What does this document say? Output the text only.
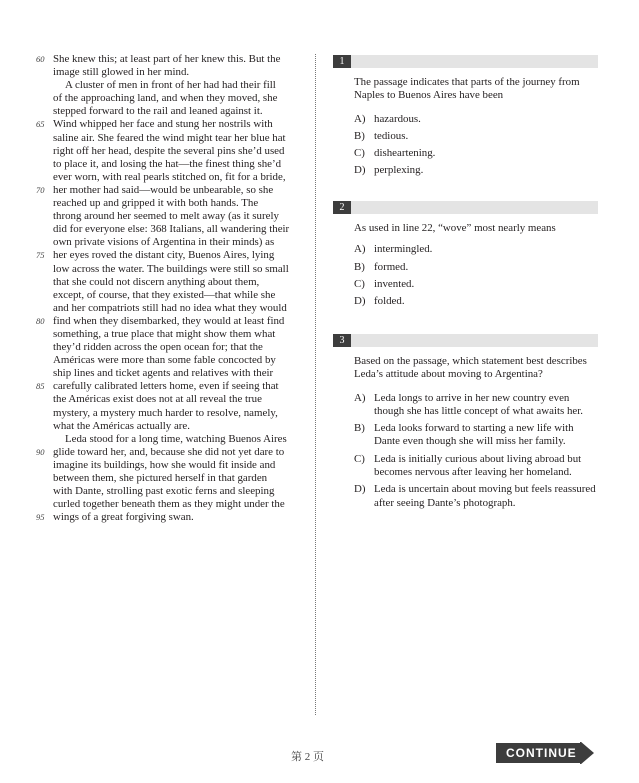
60 She knew this; at least part of her knew this. But the
image still glowed in her mind.
A cluster of men in front of her had had their fill
of the approaching land, and when they moved, she
stepped forward to the rail and leaned against it.
65 Wind whipped her face and stung her nostrils with
saline air. She feared the wind might tear her blue hat
right off her head, despite the several pins she’d used
to place it, and losing the hat—the finest thing she’d
ever worn, with real pearls stitched on, fit for a bride,
70 her mother had said—would be unbearable, so she
reached up and gripped it with both hands. The
throng around her seemed to melt away (as it surely
did for everyone else: 368 Italians, all wandering their
own private visions of Argentina in their minds) as
75 her eyes roved the distant city, Buenos Aires, lying
low across the water. The buildings were still so small
that she could not discern anything about them,
except, of course, that they existed—that while she
and her compatriots still had no idea what they would
80 find when they disembarked, they would at least find
something, a true place that might show them what
they’d ridden across the open ocean for; that the
Américas were more than some fable concocted by
ship lines and ticket agents and relatives with their
85 carefully calibrated letters home, even if seeing that
the Américas exist does not at all reveal the true
mystery, a mystery much harder to resolve, namely,
what the Américas actually are.
Leda stood for a long time, watching Buenos Aires
90 glide toward her, and, because she did not yet dare to
imagine its buildings, how she would fit inside and
between them, she pictured herself in that garden
with Dante, strolling past exotic ferns and sleeping
curled together beneath them as they might under the
95 wings of a great forgiving swan.
1
The passage indicates that parts of the journey from Naples to Buenos Aires have been
A) hazardous.
B) tedious.
C) disheartening.
D) perplexing.
2
As used in line 22, “wove” most nearly means
A) intermingled.
B) formed.
C) invented.
D) folded.
3
Based on the passage, which statement best describes Leda’s attitude about moving to Argentina?
A) Leda longs to arrive in her new country even though she has little concept of what awaits her.
B) Leda looks forward to starting a new life with Dante even though she will miss her family.
C) Leda is initially curious about living abroad but becomes nervous after leaving her homeland.
D) Leda is uncertain about moving but feels reassured after seeing Dante’s photograph.
第 2 页	CONTINUE
